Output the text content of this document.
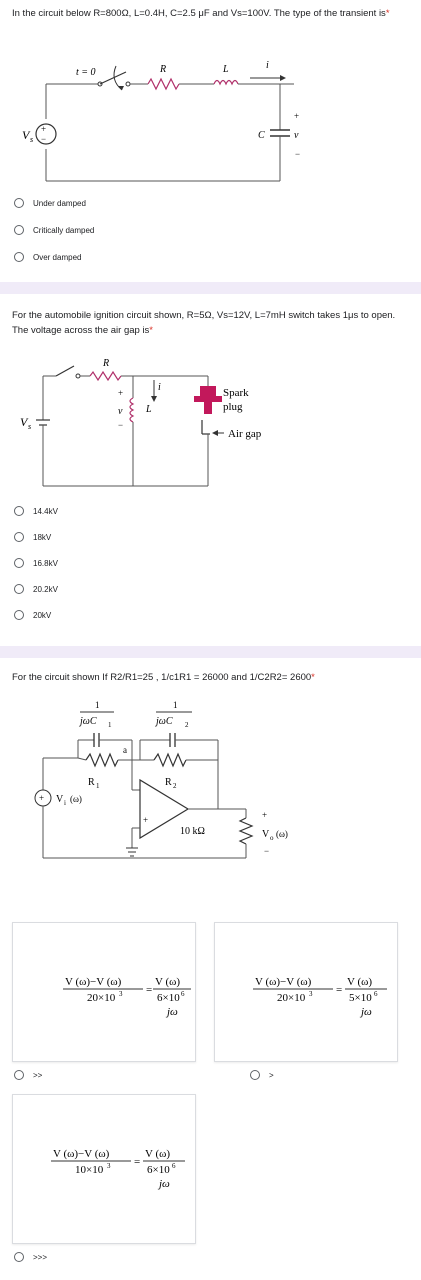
In the circuit below R=800Ω, L=0.4H, C=2.5 μF and Vs=100V. The type of the transient is*
+
−
V s
t = 0	R	L	i
C
+
v
−
Under damped
Critically damped
Over damped
For the automobile ignition circuit shown, R=5Ω, Vs=12V, L=7mH switch takes 1μs to open. The voltage across the air gap is*
V s
R
+
v
−
L
i	Spark
plug
Air gap
14.4kV
18kV
16.8kV
20.2kV
20kV
For the circuit shown If R2/R1=25 , 1/c1R1 = 26000 and 1/C2R2= 2600*
1
jωC 1
1
jωC 2
a
R 1	R 2
+ V i (ω)
+
10 kΩ
+
V o (ω)
−
V (ω)−V (ω)
20×10 3 =
V (ω)
6×10 6
jω
>>
V (ω)−V (ω)
20×10 3 =
V (ω)
5×10 6
jω
>
V (ω)−V (ω)
10×10 3 =
V (ω)
6×10 6
jω
>>>
